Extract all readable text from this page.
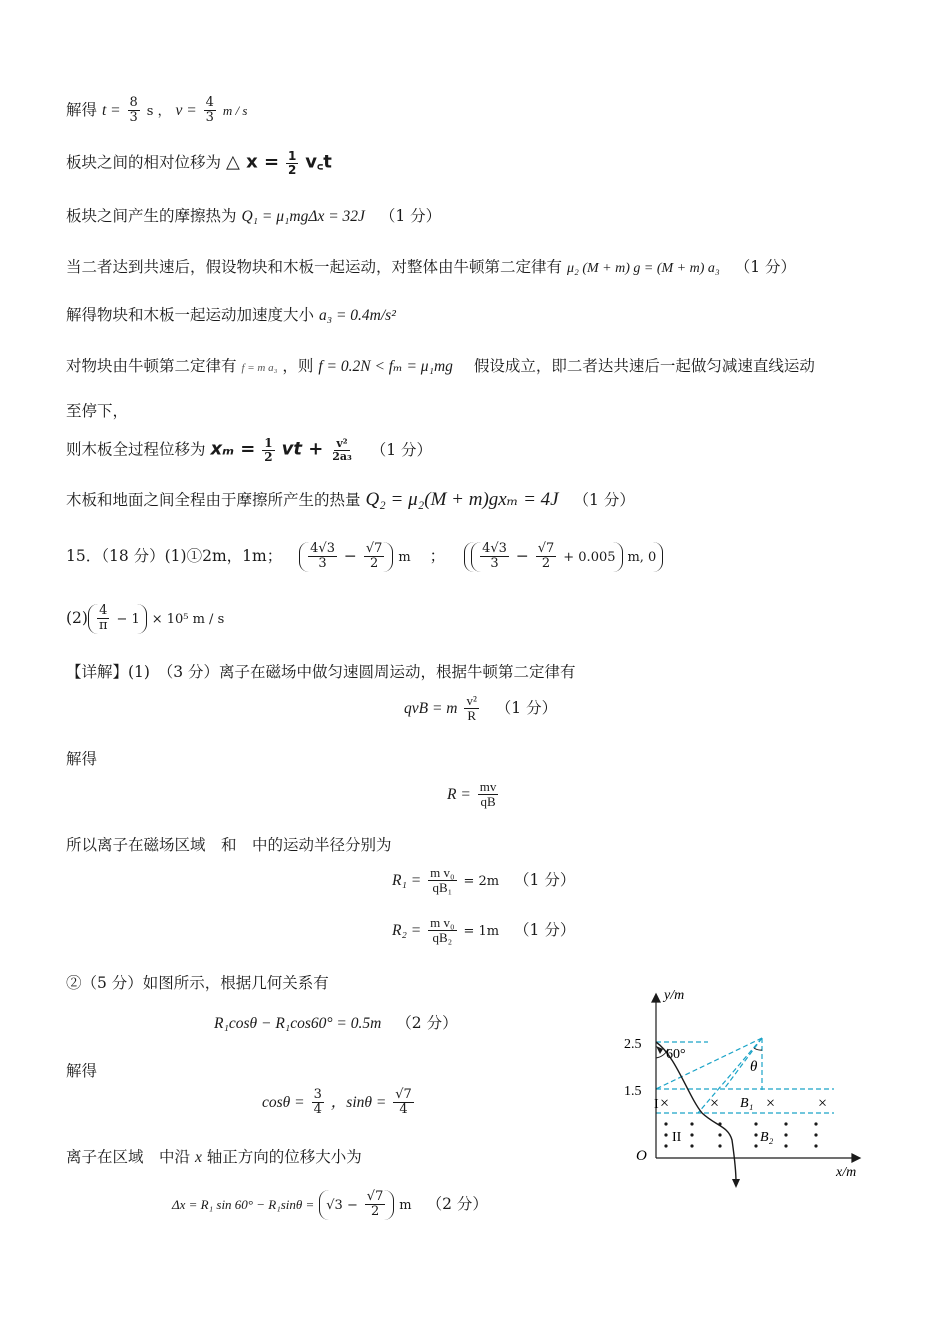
解得 $t = \frac{8}{3}$ s ， $v = \frac{4}{3}$ m / s
板块之间的相对位移为 △ $x = \frac{1}{2}$ v꜀t
板块之间产生的摩擦热为 Q₁ = μ₁mgΔx = 32J （1 分）
当二者达到共速后，假设物块和木板一起运动，对整体由牛顿第二定律有 μ₂ (M + m) g = (M + m) a₃ （1 分）
解得物块和木板一起运动加速度大小 a₃ = 0.4m/s²
对物块由牛顿第二定律有 f = m a₃ ，则 f = 0.2N < fₘ = μ₁mg 假设成立，即二者达共速后一起做匀减速直线运动
至停下，
则木板全过程位移为 $x_m = \frac{1}{2}$ vt + $\frac{\text{v²}}{\text{2a₃}} (1$ 分）
木板和地面之间全程由于摩擦所产生的热量 Q₂ = μ₂(M + m)gxₘ = 4J （1 分）
15．（18 分）(1)①2m，1m； $\frac{4√3}{3} - \frac{√7}{2}$ m ；	$\frac{4√3}{3} - \frac{√7}{2} + 0.005$ m, 0
$(2) \frac{4}{\pi} - 1 \times 10^5$ m / s
【详解】(1)　（3 分）离子在磁场中做匀速圆周运动，根据牛顿第二定律有
qvB = m $\frac{\text{v²}}{R} (1$ 分）
解得
$R = \frac{mv}{qB}$
所以离子在磁场区域　和　中的运动半径分别为
$R_1 = \frac{\text{m v₀}}{\text{qB₁}} = 2m$ （1 分）
$R_2 = \frac{\text{m v₀}}{\text{qB₂}} = 1m$ （1 分）
②（5 分）如图所示，根据几何关系有
R₁cosθ − R₁cos60° = 0.5m （2 分）
解得
$\cos\theta = \frac{3}{4}$ ，$\sin\theta = \frac{√7}{4}$
离子在区域　中沿 x 轴正方向的位移大小为
Δx = R₁ $\sin 60^\circ - R_1\sin\theta = √3 - \frac{√7}{2}$ m （2 分）
y/m
x/m
O
2.5
1.5
60°
θ
I
II
B₁
B₂
×	×	×	×
